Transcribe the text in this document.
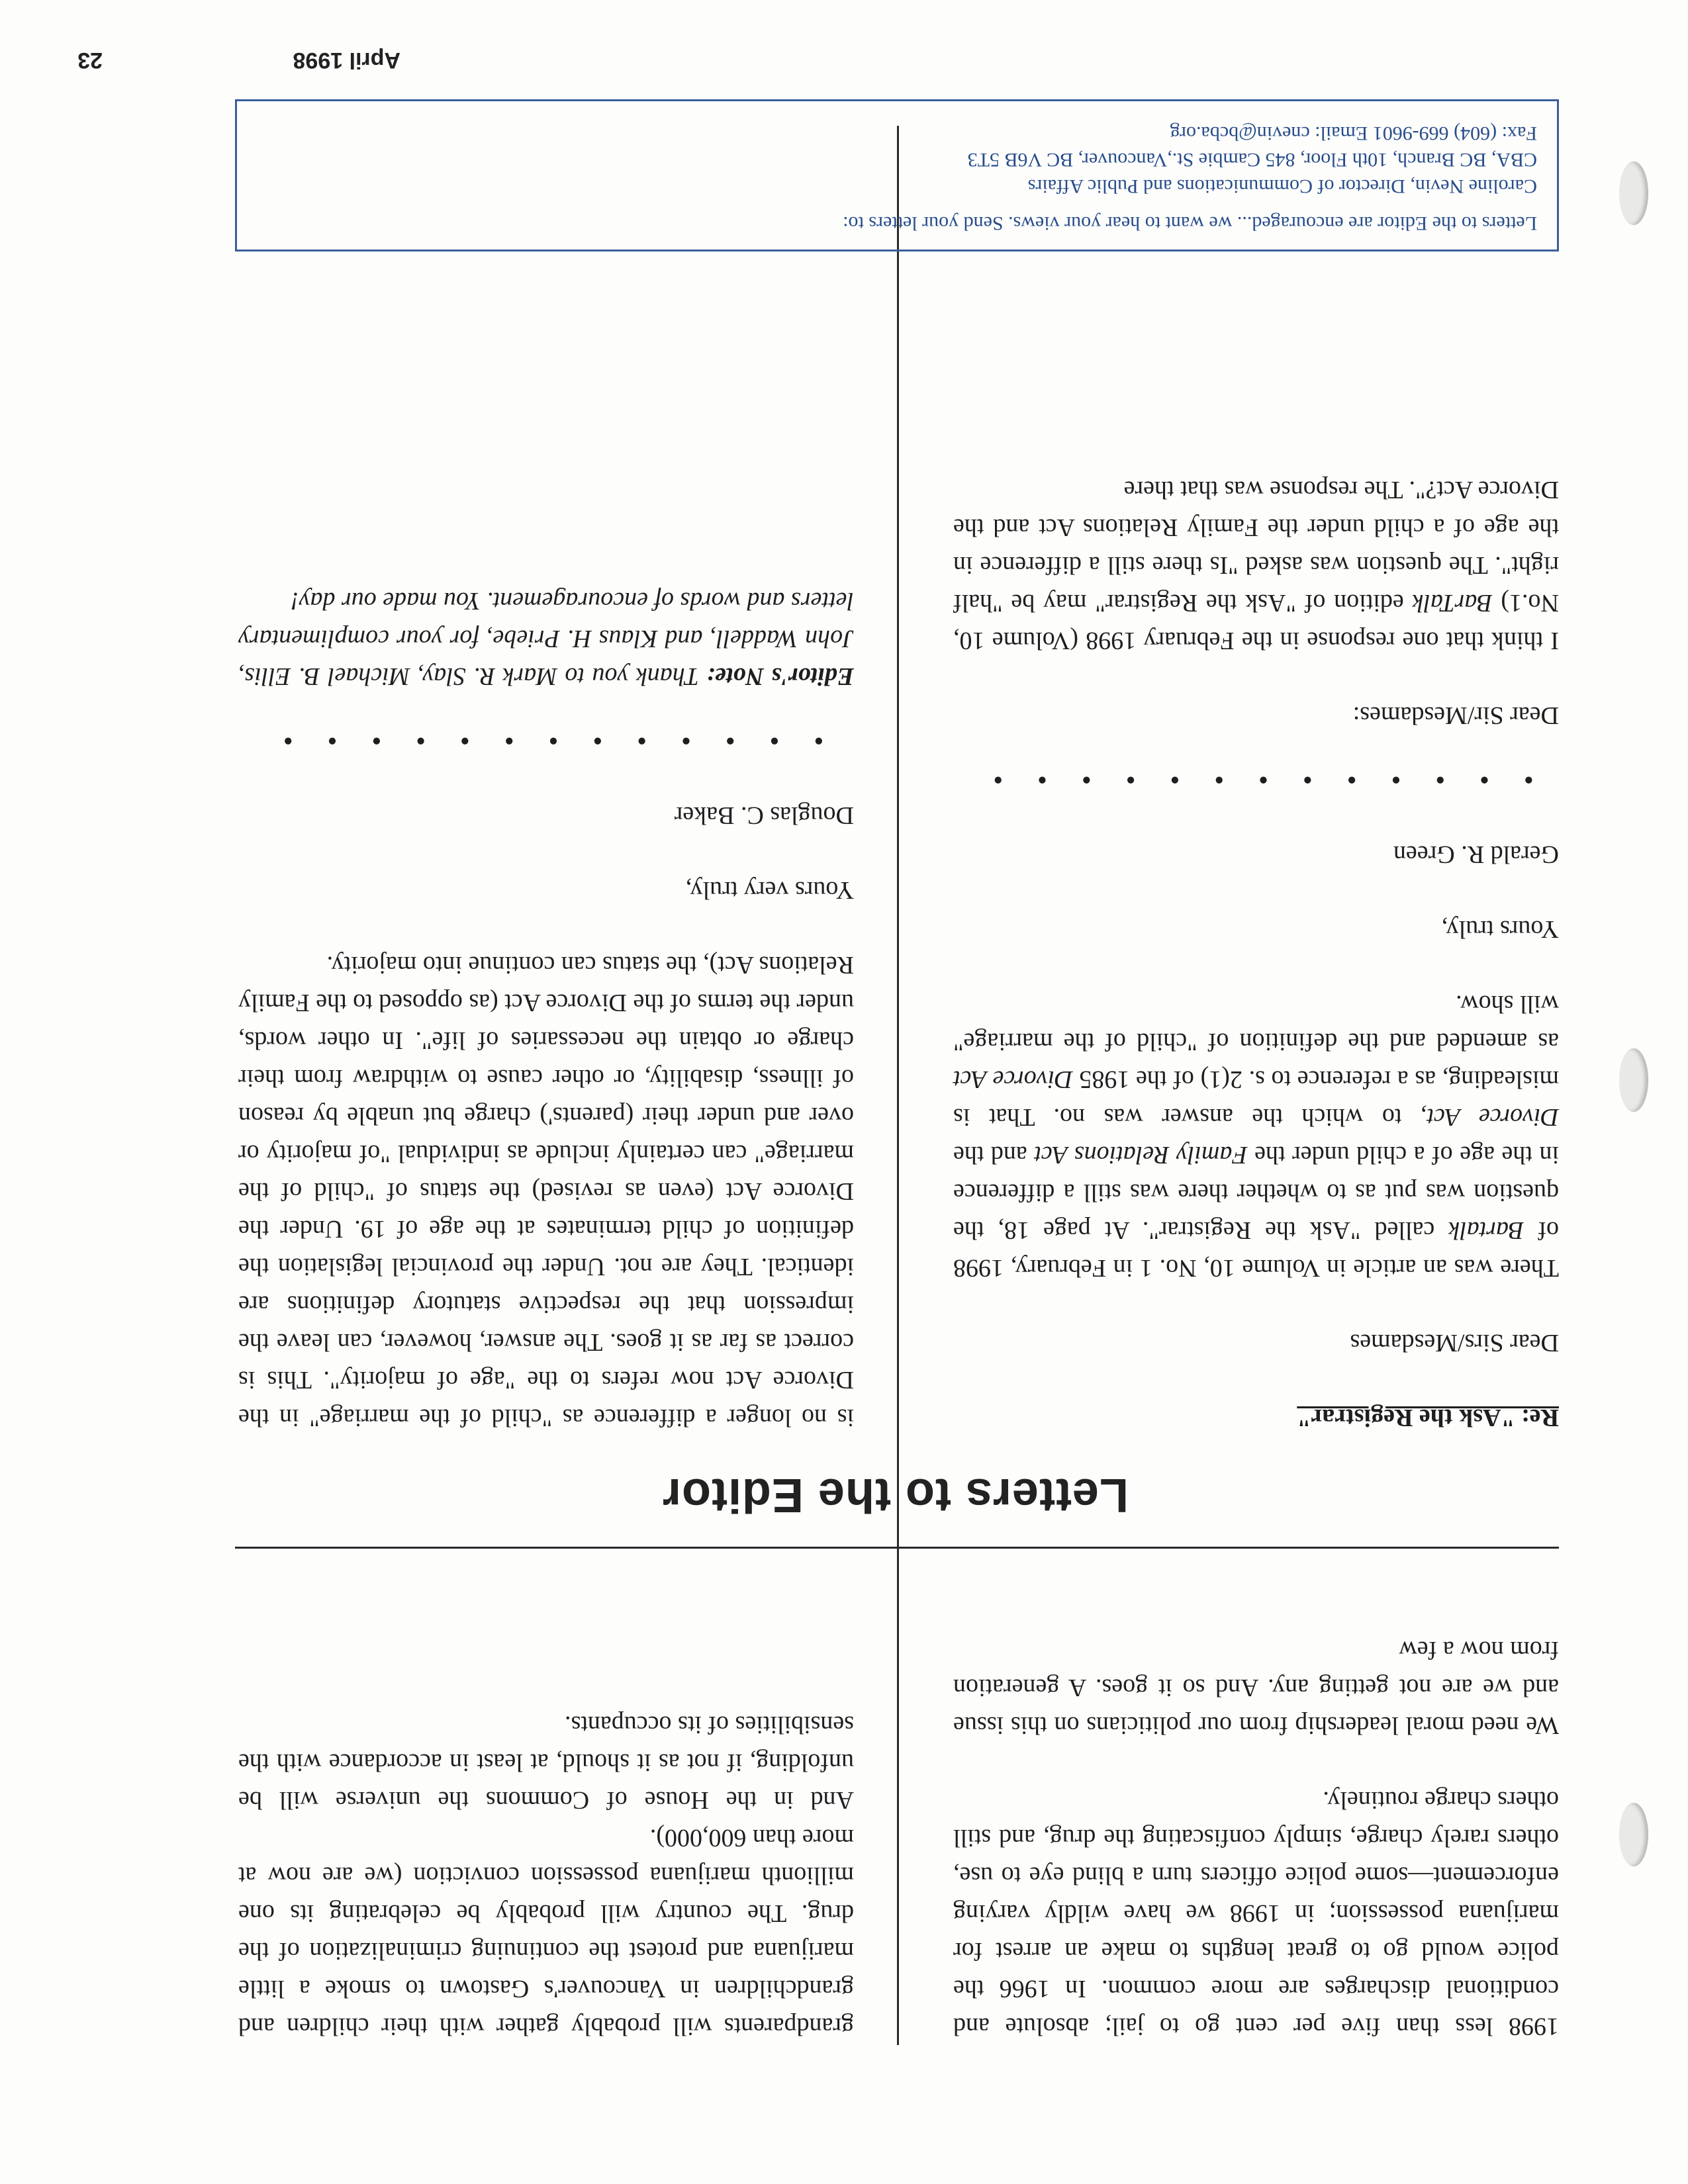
1998 less than five per cent go to jail; absolute and conditional discharges are more common. In 1966 the police would go to great lengths to make an arrest for marijuana possession; in 1998 we have wildly varying enforcement—some police officers turn a blind eye to use, others rarely charge, simply confiscating the drug, and still others charge routinely.

We need moral leadership from our politicians on this issue and we are not getting any. And so it goes. A generation from now a few

grandparents will probably gather with their children and grandchildren in Vancouver's Gastown to smoke a little marijuana and protest the continuing criminalization of the drug. The country will probably be celebrating its one millionth marijuana possession conviction (we are now at more than 600,000).

And in the House of Commons the universe will be unfolding, if not as it should, at least in accordance with the sensibilities of its occupants.

Letters to the Editor

Re: "Ask the Registrar"

Dear Sirs/Mesdames

There was an article in Volume 10, No. 1 in February, 1998 of Bartalk called "Ask the Registrar". At page 18, the question was put as to whether there was still a difference in the age of a child under the Family Relations Act and the Divorce Act, to which the answer was no. That is misleading, as a reference to s. 2(1) of the 1985 Divorce Act as amended and the definition of "child of the marriage" will show.

Yours truly,

Gerald R. Green

• • • • • • • • • • • • •

Dear Sir/Mesdames:

I think that one response in the February 1998 (Volume 10, No.1) BarTalk edition of "Ask the Registrar" may be "half right". The question was asked "Is there still a difference in the age of a child under the Family Relations Act and the Divorce Act?". The response was that there

is no longer a difference as "child of the marriage" in the Divorce Act now refers to the "age of majority". This is correct as far as it goes. The answer, however, can leave the impression that the respective statutory definitions are identical. They are not. Under the provincial legislation the definition of child terminates at the age of 19. Under the Divorce Act (even as revised) the status of "child of the marriage" can certainly include as individual "of majority or over and under their (parents') charge but unable by reason of illness, disability, or other cause to withdraw from their charge or obtain the necessaries of life". In other words, under the terms of the Divorce Act (as opposed to the Family Relations Act), the status can continue into majority.

Yours very truly,

Douglas C. Baker

• • • • • • • • • • • • •

Editor's Note: Thank you to Mark R. Slay, Michael B. Ellis, John Waddell, and Klaus H. Priebe, for your complimentary letters and words of encouragement. You made our day!

Letters to the Editor are encouraged... we want to hear your views. Send your letters to:
Caroline Nevin, Director of Communications and Public Affairs
CBA, BC Branch, 10th Floor, 845 Cambie St.,Vancouver, BC V6B 5T3
Fax: (604) 669-9601 Email: cnevin@bcba.org
April 1998
23
